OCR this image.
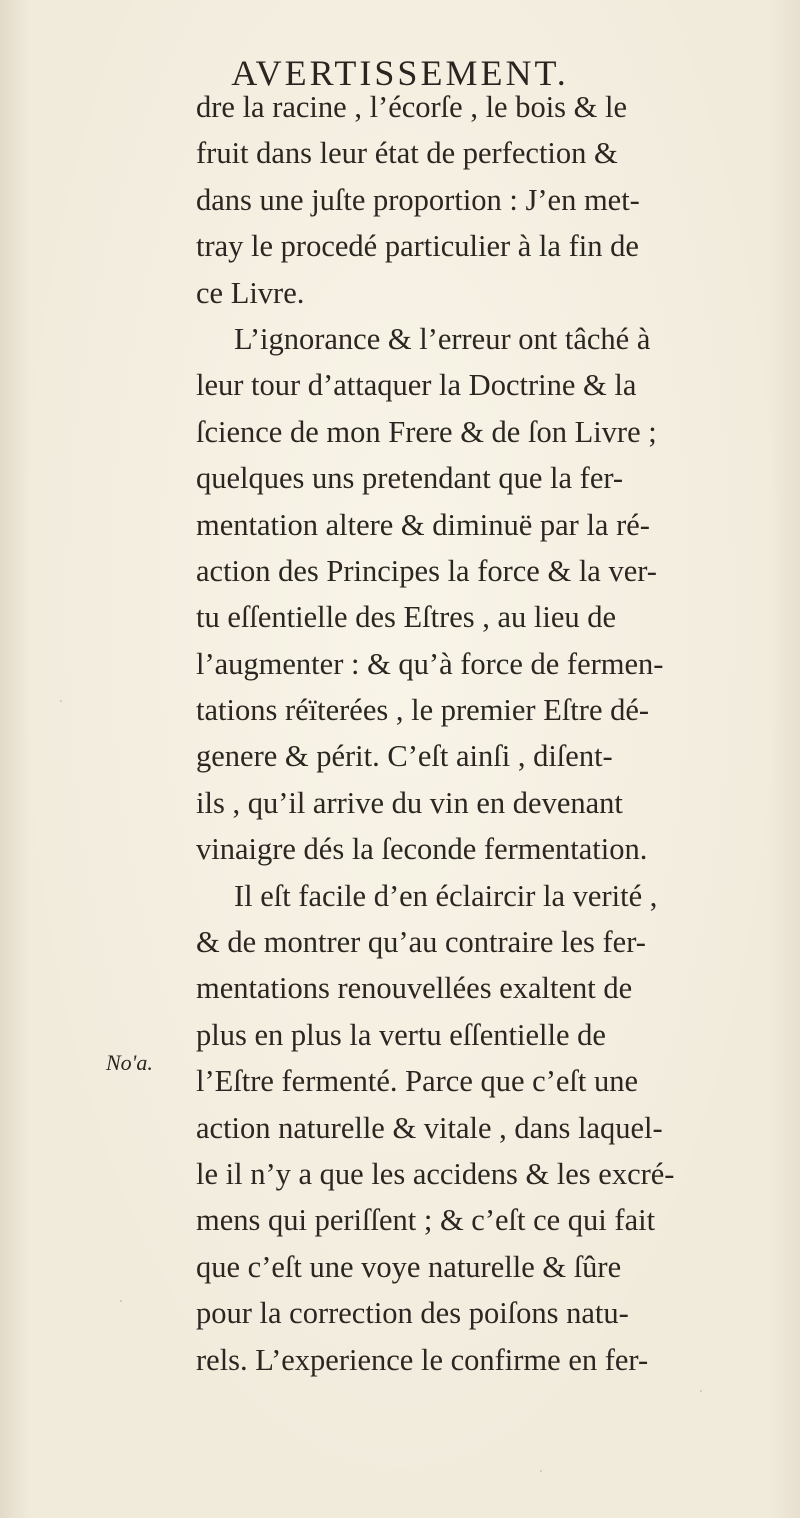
AVERTISSEMENT.
No'a.
dre la racine , l’écorſe , le bois & le
fruit dans leur état de perfection &
dans une juſte proportion : J’en met-
tray le procedé particulier à la fin de
ce Livre.
L’ignorance & l’erreur ont tâché à
leur tour d’attaquer la Doctrine & la
ſcience de mon Frere & de ſon Livre ;
quelques uns pretendant que la fer-
mentation altere & diminuë par la ré-
action des Principes la force & la ver-
tu eſſentielle des Eſtres , au lieu de
l’augmenter : & qu’à force de fermen-
tations réïterées , le premier Eſtre dé-
genere & périt. C’eſt ainſi , diſent-
ils , qu’il arrive du vin en devenant
vinaigre dés la ſeconde fermentation.
Il eſt facile d’en éclaircir la verité ,
& de montrer qu’au contraire les fer-
mentations renouvellées exaltent de
plus en plus la vertu eſſentielle de
l’Eſtre fermenté. Parce que c’eſt une
action naturelle & vitale , dans laquel-
le il n’y a que les accidens & les excré-
mens qui periſſent ; & c’eſt ce qui fait
que c’eſt une voye naturelle & ſûre
pour la correction des poiſons natu-
rels. L’experience le confirme en fer-
